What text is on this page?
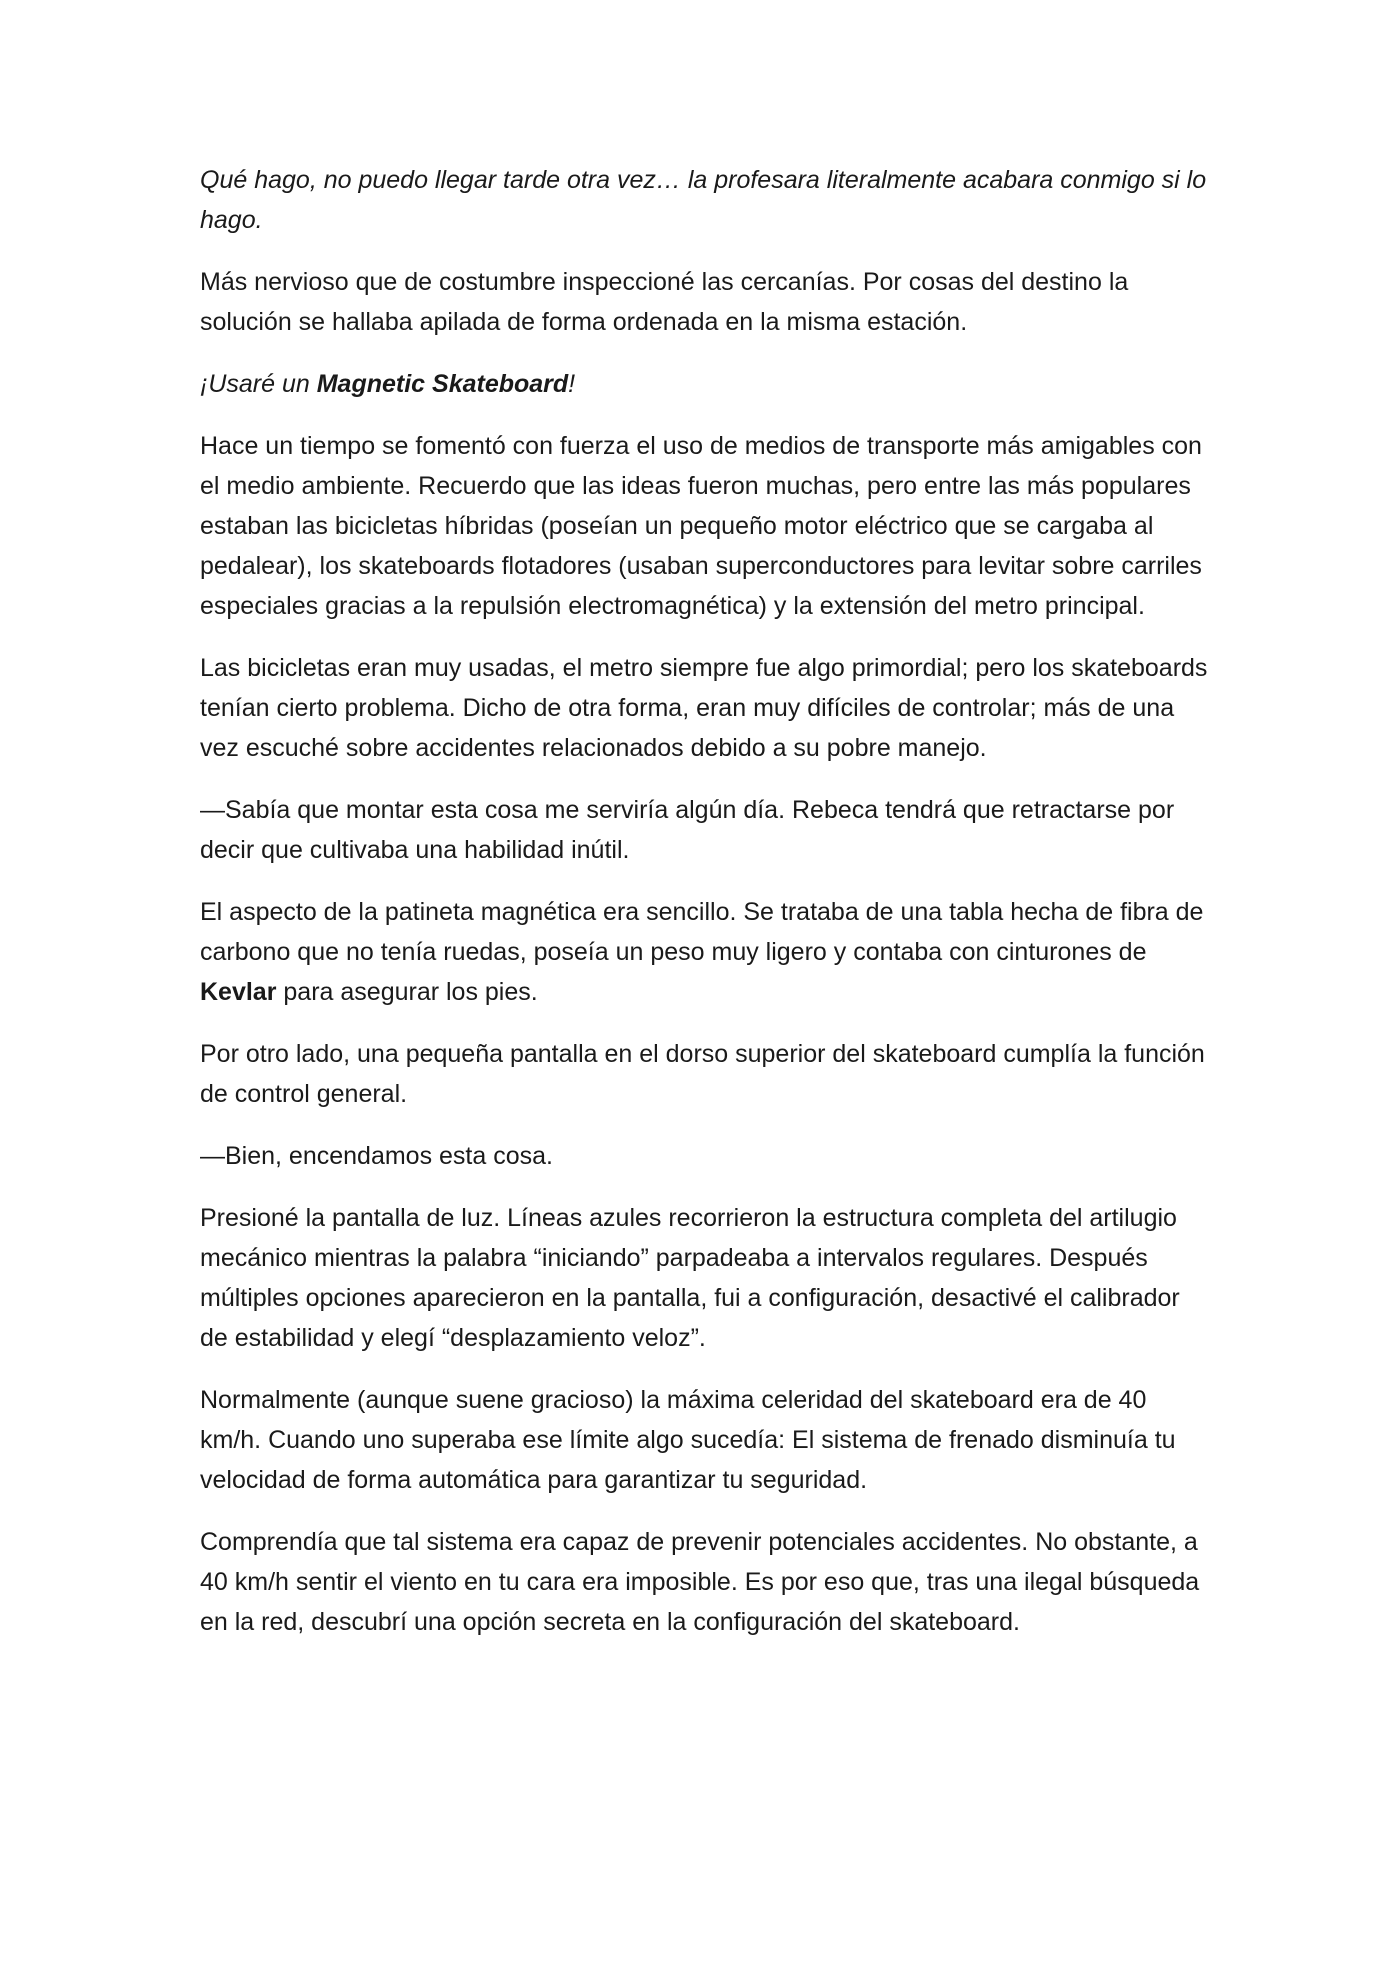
Qué hago, no puedo llegar tarde otra vez… la profesara literalmente acabara conmigo si lo hago.

Más nervioso que de costumbre inspeccioné las cercanías. Por cosas del destino la solución se hallaba apilada de forma ordenada en la misma estación.

¡Usaré un Magnetic Skateboard!

Hace un tiempo se fomentó con fuerza el uso de medios de transporte más amigables con el medio ambiente. Recuerdo que las ideas fueron muchas, pero entre las más populares estaban las bicicletas híbridas (poseían un pequeño motor eléctrico que se cargaba al pedalear), los skateboards flotadores (usaban superconductores para levitar sobre carriles especiales gracias a la repulsión electromagnética) y la extensión del metro principal.

Las bicicletas eran muy usadas, el metro siempre fue algo primordial; pero los skateboards tenían cierto problema. Dicho de otra forma, eran muy difíciles de controlar; más de una vez escuché sobre accidentes relacionados debido a su pobre manejo.

—Sabía que montar esta cosa me serviría algún día. Rebeca tendrá que retractarse por decir que cultivaba una habilidad inútil.

El aspecto de la patineta magnética era sencillo. Se trataba de una tabla hecha de fibra de carbono que no tenía ruedas, poseía un peso muy ligero y contaba con cinturones de Kevlar para asegurar los pies.

Por otro lado, una pequeña pantalla en el dorso superior del skateboard cumplía la función de control general.

—Bien, encendamos esta cosa.

Presioné la pantalla de luz. Líneas azules recorrieron la estructura completa del artilugio mecánico mientras la palabra “iniciando” parpadeaba a intervalos regulares. Después múltiples opciones aparecieron en la pantalla, fui a configuración, desactivé el calibrador de estabilidad y elegí “desplazamiento veloz”.

Normalmente (aunque suene gracioso) la máxima celeridad del skateboard era de 40 km/h. Cuando uno superaba ese límite algo sucedía: El sistema de frenado disminuía tu velocidad de forma automática para garantizar tu seguridad.

Comprendía que tal sistema era capaz de prevenir potenciales accidentes. No obstante, a 40 km/h sentir el viento en tu cara era imposible. Es por eso que, tras una ilegal búsqueda en la red, descubrí una opción secreta en la configuración del skateboard.
